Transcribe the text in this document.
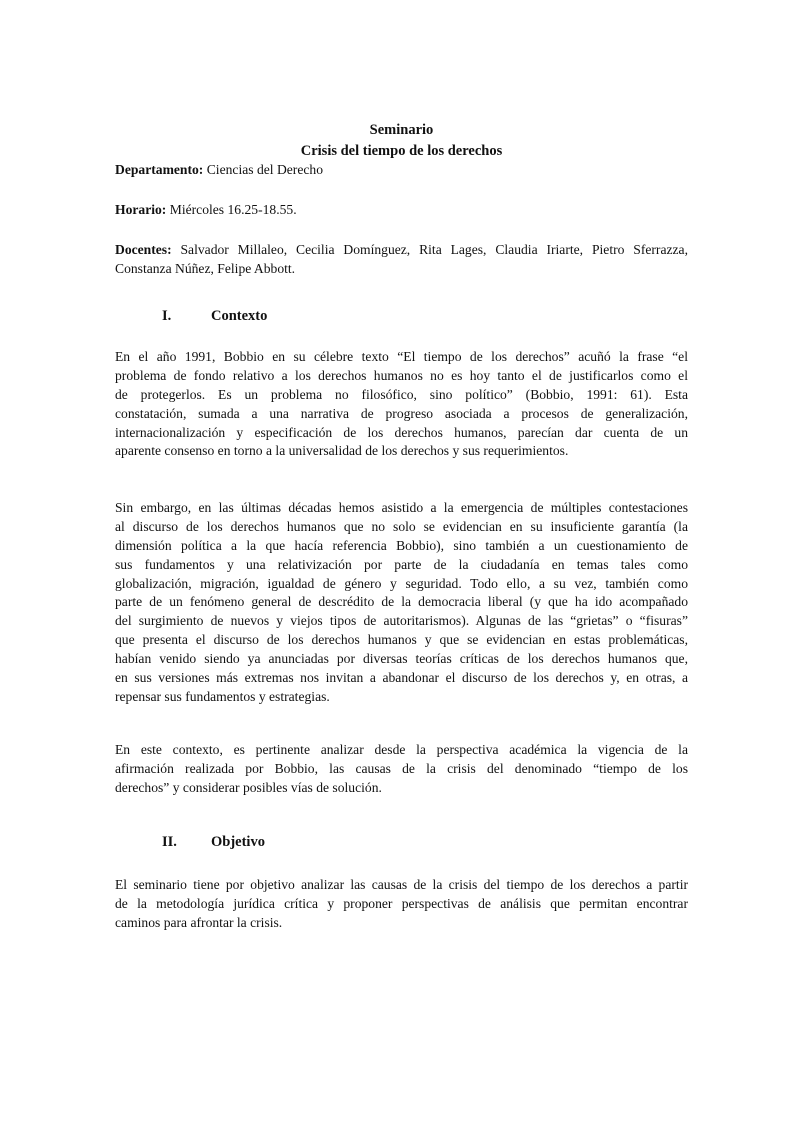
Seminario
Crisis del tiempo de los derechos
Departamento: Ciencias del Derecho
Horario: Miércoles 16.25-18.55.
Docentes: Salvador Millaleo, Cecilia Domínguez, Rita Lages, Claudia Iriarte, Pietro Sferrazza,
Constanza Núñez, Felipe Abbott.
I.	Contexto
En el año 1991, Bobbio en su célebre texto “El tiempo de los derechos” acuñó la frase “el
problema de fondo relativo a los derechos humanos no es hoy tanto el de justificarlos como el
de protegerlos. Es un problema no filosófico, sino político” (Bobbio, 1991: 61). Esta
constatación, sumada a una narrativa de progreso asociada a procesos de generalización,
internacionalización y especificación de los derechos humanos, parecían dar cuenta de un
aparente consenso en torno a la universalidad de los derechos y sus requerimientos.
Sin embargo, en las últimas décadas hemos asistido a la emergencia de múltiples contestaciones
al discurso de los derechos humanos que no solo se evidencian en su insuficiente garantía (la
dimensión política a la que hacía referencia Bobbio), sino también a un cuestionamiento de
sus fundamentos y una relativización por parte de la ciudadanía en temas tales como
globalización, migración, igualdad de género y seguridad. Todo ello, a su vez, también como
parte de un fenómeno general de descrédito de la democracia liberal (y que ha ido acompañado
del surgimiento de nuevos y viejos tipos de autoritarismos). Algunas de las “grietas” o “fisuras”
que presenta el discurso de los derechos humanos y que se evidencian en estas problemáticas,
habían venido siendo ya anunciadas por diversas teorías críticas de los derechos humanos que,
en sus versiones más extremas nos invitan a abandonar el discurso de los derechos y, en otras, a
repensar sus fundamentos y estrategias.
En este contexto, es pertinente analizar desde la perspectiva académica la vigencia de la
afirmación realizada por Bobbio, las causas de la crisis del denominado “tiempo de los
derechos” y considerar posibles vías de solución.
II. Objetivo
El seminario tiene por objetivo analizar las causas de la crisis del tiempo de los derechos a partir
de la metodología jurídica crítica y proponer perspectivas de análisis que permitan encontrar
caminos para afrontar la crisis.
